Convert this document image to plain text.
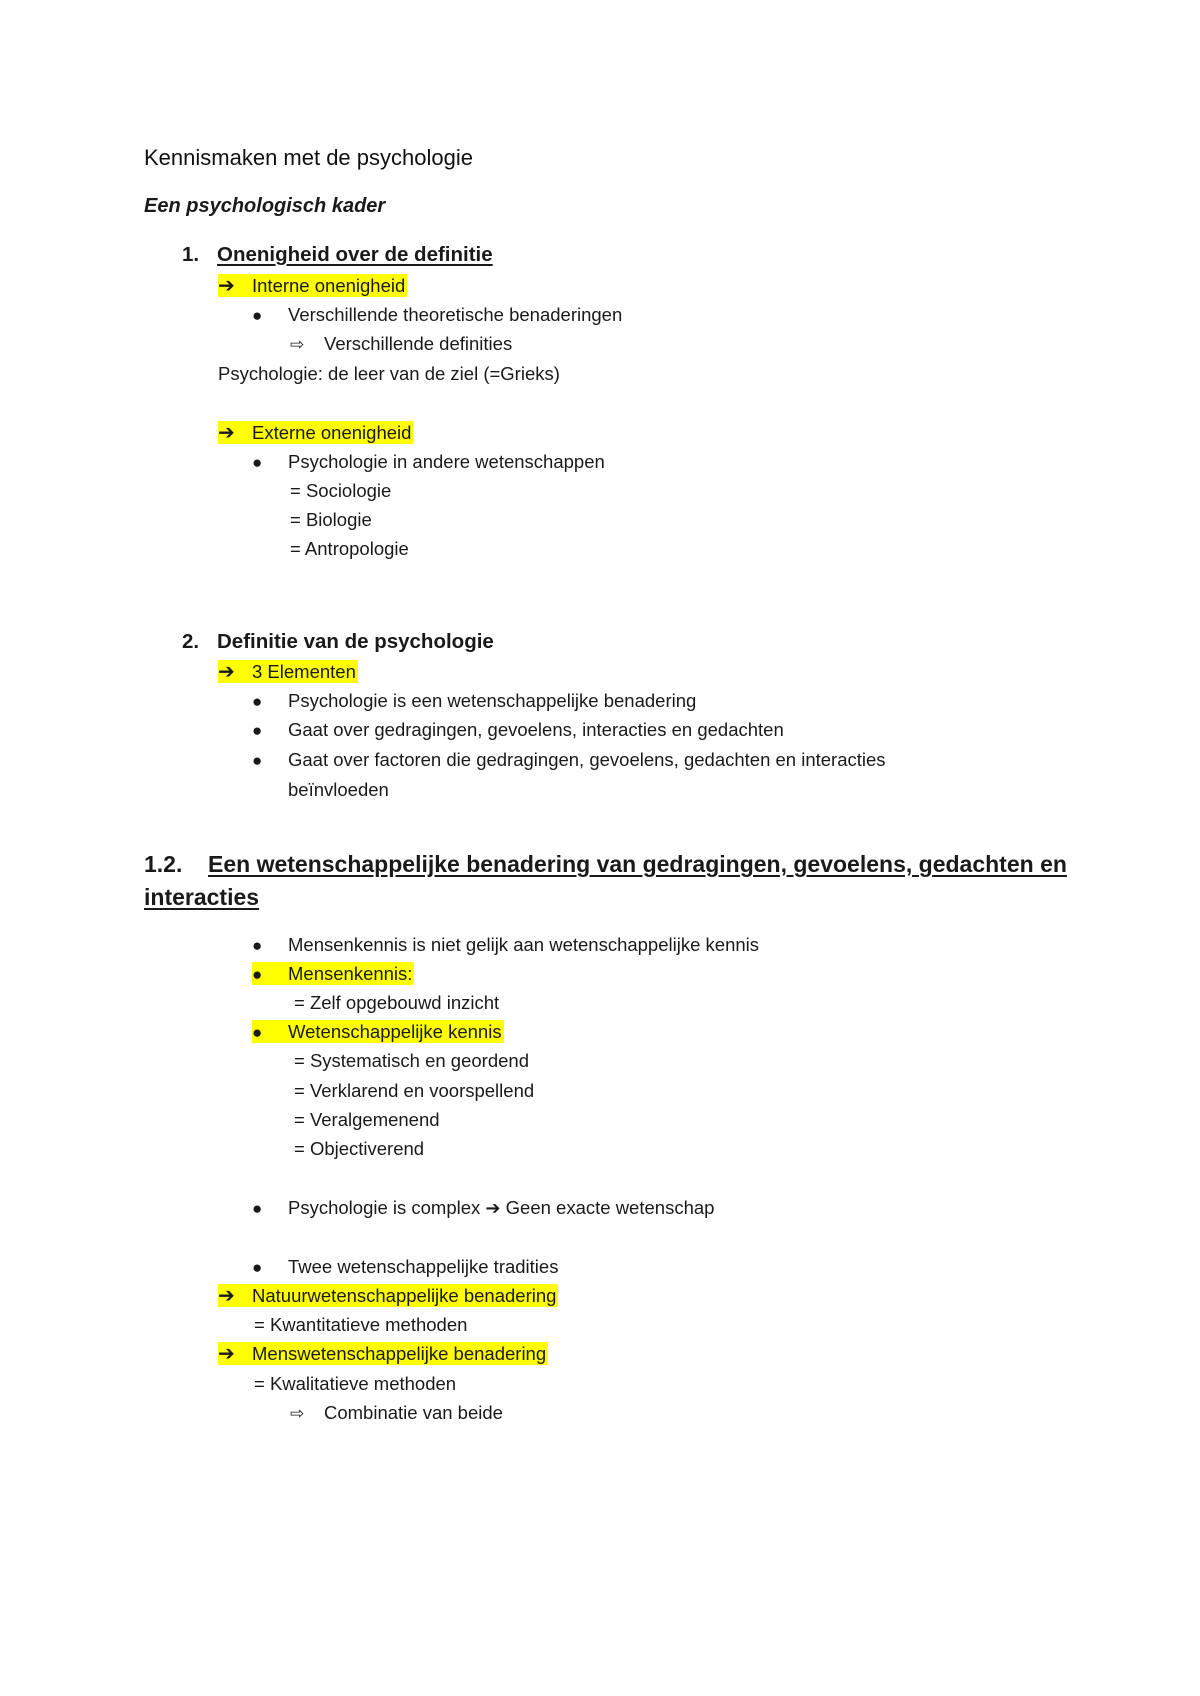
Kennismaken met de psychologie
Een psychologisch kader
1. Onenigheid over de definitie
➔ Interne onenigheid
● Verschillende theoretische benaderingen
⇨ Verschillende definities
Psychologie: de leer van de ziel (=Grieks)
➔ Externe onenigheid
● Psychologie in andere wetenschappen
= Sociologie
= Biologie
= Antropologie
2. Definitie van de psychologie
➔ 3 Elementen
● Psychologie is een wetenschappelijke benadering
● Gaat over gedragingen, gevoelens, interacties en gedachten
● Gaat over factoren die gedragingen, gevoelens, gedachten en interacties
beïnvloeden
1.2. Een wetenschappelijke benadering van gedragingen, gevoelens, gedachten en
interacties
● Mensenkennis is niet gelijk aan wetenschappelijke kennis
● Mensenkennis:
= Zelf opgebouwd inzicht
● Wetenschappelijke kennis
= Systematisch en geordend
= Verklarend en voorspellend
= Veralgemenend
= Objectiverend
● Psychologie is complex ➔ Geen exacte wetenschap
● Twee wetenschappelijke tradities
➔ Natuurwetenschappelijke benadering
= Kwantitatieve methoden
➔ Menswetenschappelijke benadering
= Kwalitatieve methoden
⇨ Combinatie van beide
